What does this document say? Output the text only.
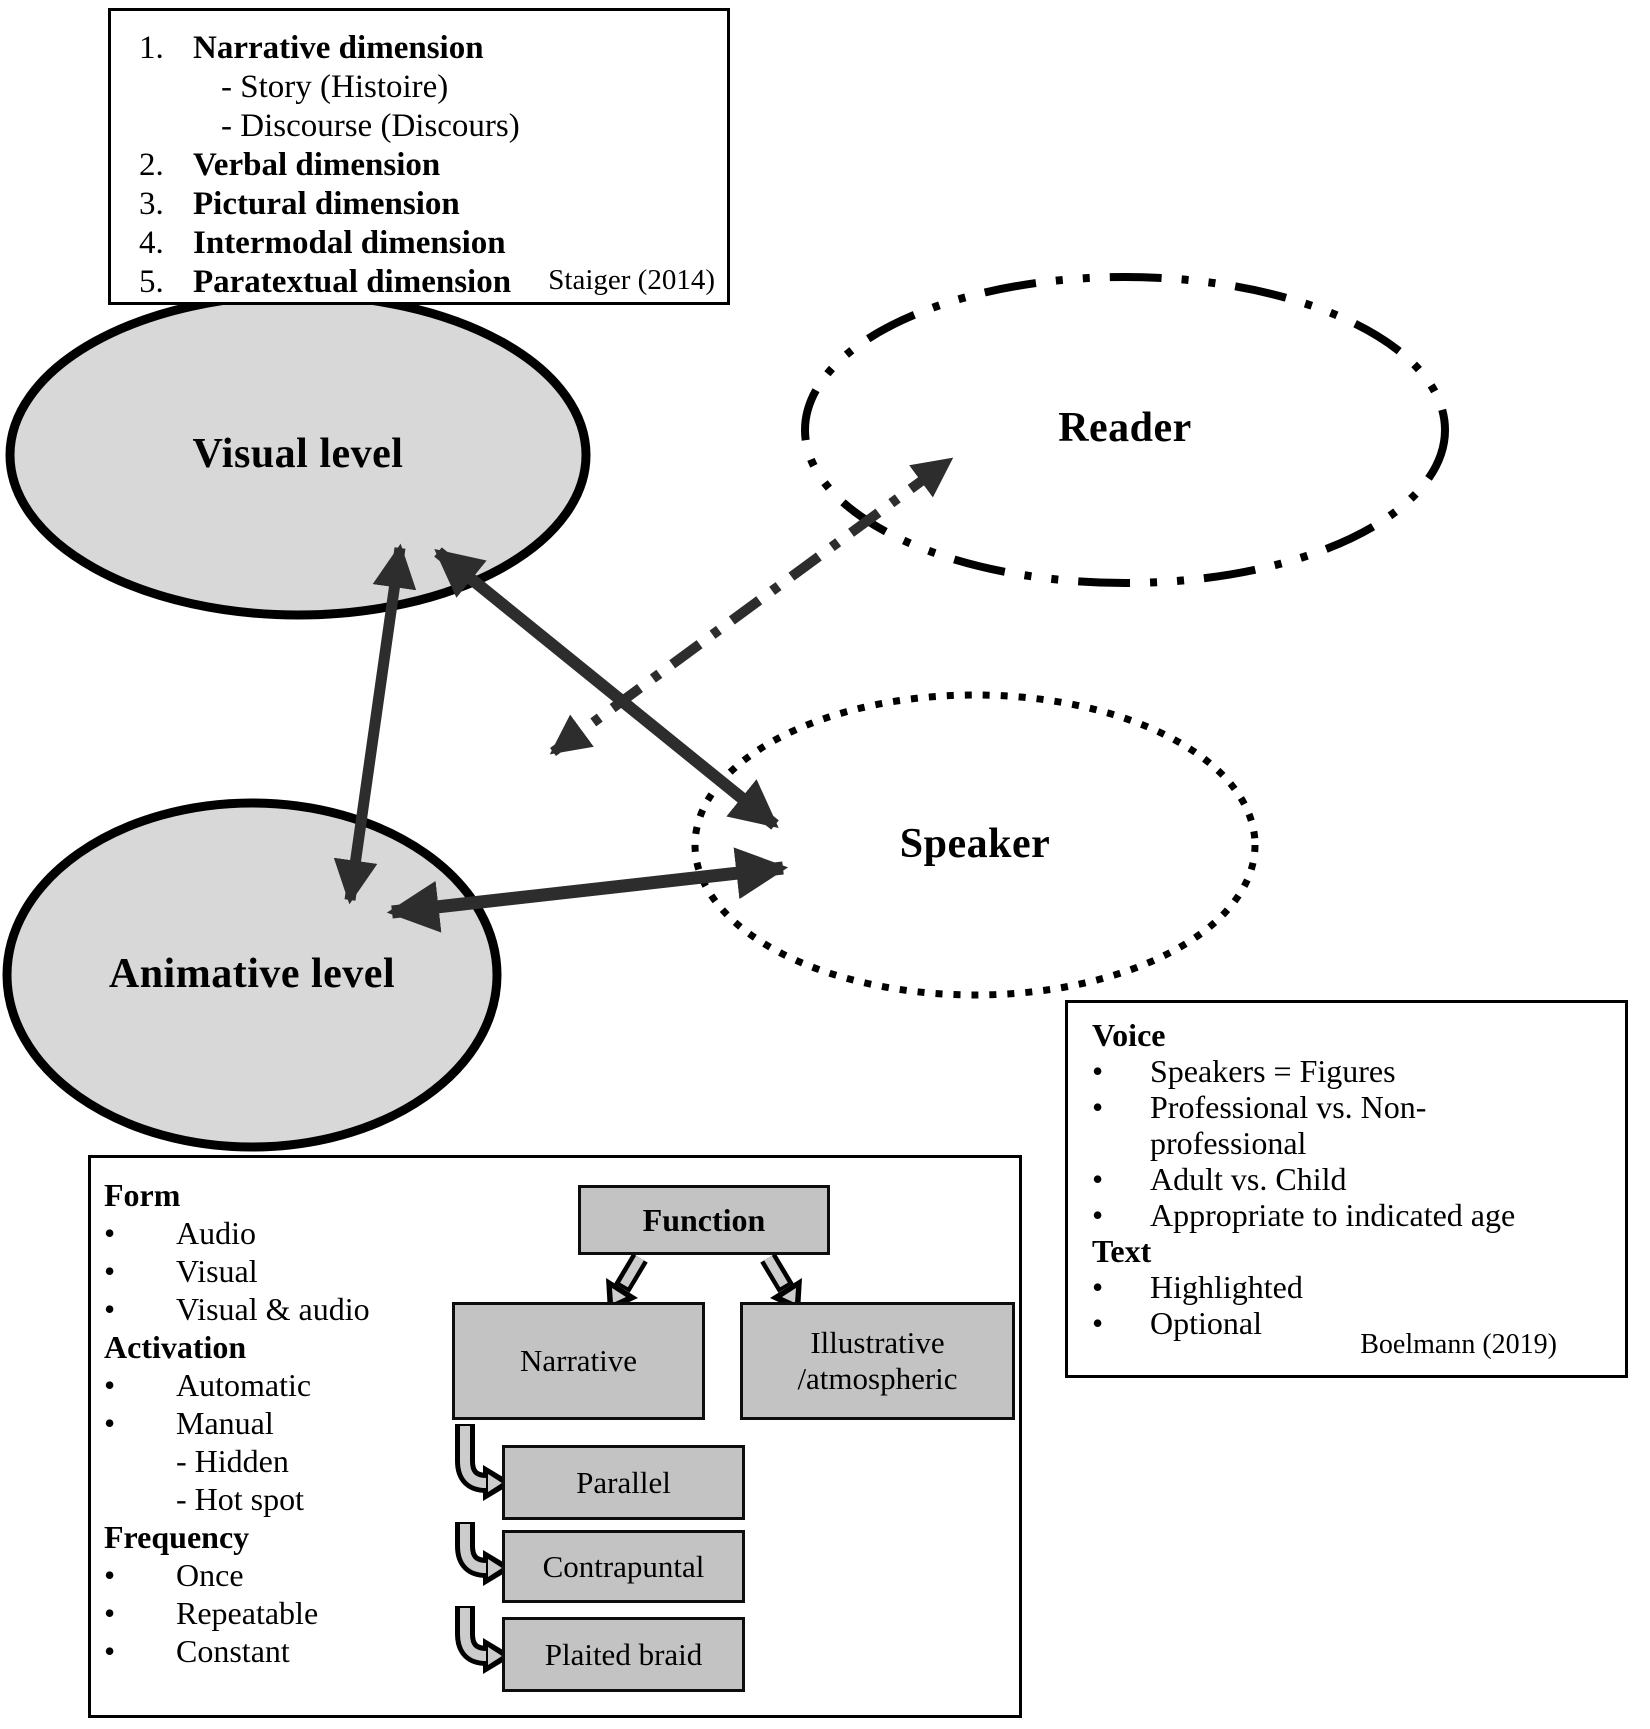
1. Narrative dimension
- Story (Histoire)
- Discourse (Discours)
2. Verbal dimension
3. Pictural dimension
4. Intermodal dimension
5. Paratextual dimension Staiger (2014)
Visual level
Animative level
Reader
Speaker
Voice
•	Speakers = Figures
•	Professional vs. Non-
professional
•	Adult vs. Child
•	Appropriate to indicated age
Text
•	Highlighted
•	Optional
Boelmann (2019)
Form
•	Audio
•	Visual
•	Visual & audio
Activation
•	Automatic
•	Manual
- Hidden
- Hot spot
Frequency
•	Once
•	Repeatable
•	Constant
Function
Narrative
Illustrative
/atmospheric
Parallel
Contrapuntal
Plaited braid
